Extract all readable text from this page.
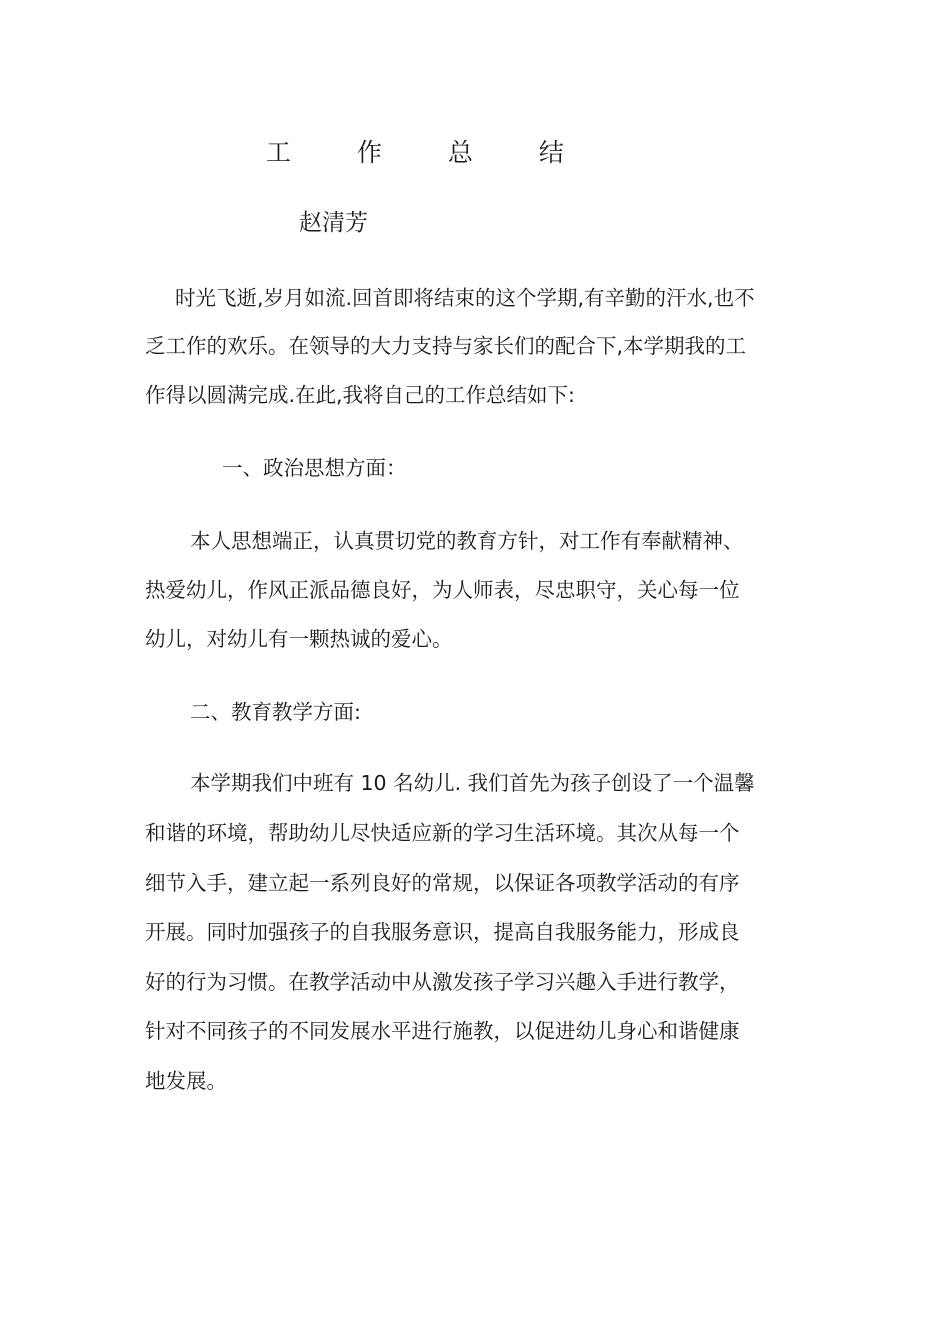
工 作 总 结
赵清芳
时光飞逝,岁月如流.回首即将结束的这个学期,有辛勤的汗水,也不
乏工作的欢乐。在领导的大力支持与家长们的配合下,本学期我的工
作得以圆满完成.在此,我将自己的工作总结如下:
一、政治思想方面：
本人思想端正，认真贯切党的教育方针，对工作有奉献精神、
热爱幼儿，作风正派品德良好，为人师表，尽忠职守，关心每一位
幼儿，对幼儿有一颗热诚的爱心。
二、教育教学方面:
本学期我们中班有 10 名幼儿. 我们首先为孩子创设了一个温馨
和谐的环境，帮助幼儿尽快适应新的学习生活环境。其次从每一个
细节入手，建立起一系列良好的常规，以保证各项教学活动的有序
开展。同时加强孩子的自我服务意识，提高自我服务能力，形成良
好的行为习惯。在教学活动中从激发孩子学习兴趣入手进行教学，
针对不同孩子的不同发展水平进行施教，以促进幼儿身心和谐健康
地发展。
